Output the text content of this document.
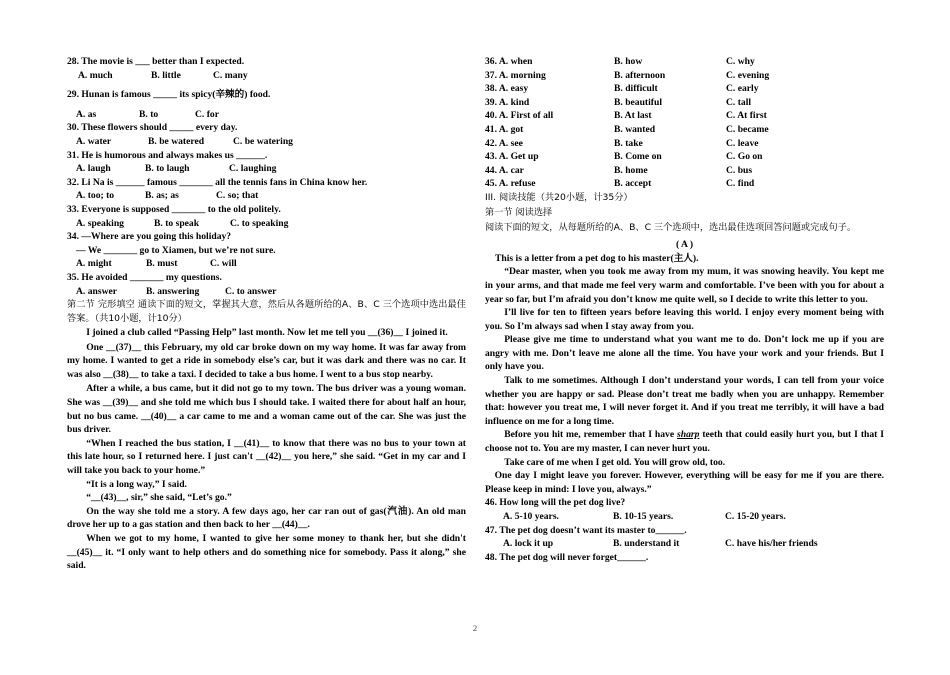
28. The movie is ___ better than I expected.
A. much	B. little	C. many
29. Hunan is famous _____ its spicy(辛辣的) food.
A. as	B. to	C. for
30. These flowers should _____ every day.
A. water	B. be watered	C. be watering
31. He is humorous and always makes us ______.
A. laugh	B. to laugh	C. laughing
32. Li Na is ______ famous _______ all the tennis fans in China know her.
A. too; to	B. as; as	C. so; that
33. Everyone is supposed _______ to the old politely.
A. speaking	B. to speak	C. to speaking
34. —Where are you going this holiday?
— We _______ go to Xiamen, but we’re not sure.
A. might	B. must	C. will
35. He avoided _______ my questions.
A. answer	B. answering	C. to answer
第二节 完形填空 通读下面的短文，掌握其大意，然后从各题所给的A、B、C 三个选项中选出最佳答案。（共10小题，计10分）
I joined a club called “Passing Help” last month. Now let me tell you __(36)__ I joined it.
One __(37)__ this February, my old car broke down on my way home. It was far away from my home. I wanted to get a ride in somebody else’s car, but it was dark and there was no car. It was also __(38)__ to take a taxi. I decided to take a bus home. I went to a bus stop nearby.
After a while, a bus came, but it did not go to my town. The bus driver was a young woman. She was __(39)__ and she told me which bus I should take. I waited there for about half an hour, but no bus came. __(40)__ a car came to me and a woman came out of the car. She was just the bus driver.
“When I reached the bus station, I __(41)__ to know that there was no bus to your town at this late hour, so I returned here. I just can't __(42)__ you here,” she said. “Get in my car and I will take you back to your home.”
“It is a long way,” I said.
“__(43)__, sir,” she said, “Let’s go.”
On the way she told me a story. A few days ago, her car ran out of gas(汽油). An old man drove her up to a gas station and then back to her __(44)__.
When we got to my home, I wanted to give her some money to thank her, but she didn't __(45)__ it. “I only want to help others and do something nice for somebody. Pass it along,” she said.
36. A. when	B. how	C. why
37. A. morning	B. afternoon	C. evening
38. A. easy	B. difficult	C. early
39. A. kind	B. beautiful	C. tall
40. A. First of all	B. At last	C. At first
41. A. got	B. wanted	C. became
42. A. see	B. take	C. leave
43. A. Get up	B. Come on	C. Go on
44. A. car	B. home	C. bus
45. A. refuse	B. accept	C. find
III. 阅读技能（共20小题，计35分）
第一节 阅读选择
阅读下面的短文，从每题所给的A、B、C 三个选项中，选出最佳选项回答问题或完成句子。
( A )
This is a letter from a pet dog to his master(主人).
“Dear master, when you took me away from my mum, it was snowing heavily. You kept me in your arms, and that made me feel very warm and comfortable. I’ve been with you for about a year so far, but I’m afraid you don’t know me quite well, so I decide to write this letter to you.
I’ll live for ten to fifteen years before leaving this world. I enjoy every moment being with you. So I’m always sad when I stay away from you.
Please give me time to understand what you want me to do. Don’t lock me up if you are angry with me. Don’t leave me alone all the time. You have your work and your friends. But I only have you.
Talk to me sometimes. Although I don’t understand your words, I can tell from your voice whether you are happy or sad. Please don’t treat me badly when you are unhappy. Remember that: however you treat me, I will never forget it. And if you treat me terribly, it will have a bad influence on me for a long time.
Before you hit me, remember that I have sharp teeth that could easily hurt you, but I that I choose not to. You are my master, I can never hurt you.
Take care of me when I get old. You will grow old, too.
One day I might leave you forever. However, everything will be easy for me if you are there. Please keep in mind: I love you, always.”
46. How long will the pet dog live?
A. 5-10 years.	B. 10-15 years.	C. 15-20 years.
47. The pet dog doesn’t want its master to______.
A. lock it up	B. understand it	C. have his/her friends
48. The pet dog will never forget______.
2
